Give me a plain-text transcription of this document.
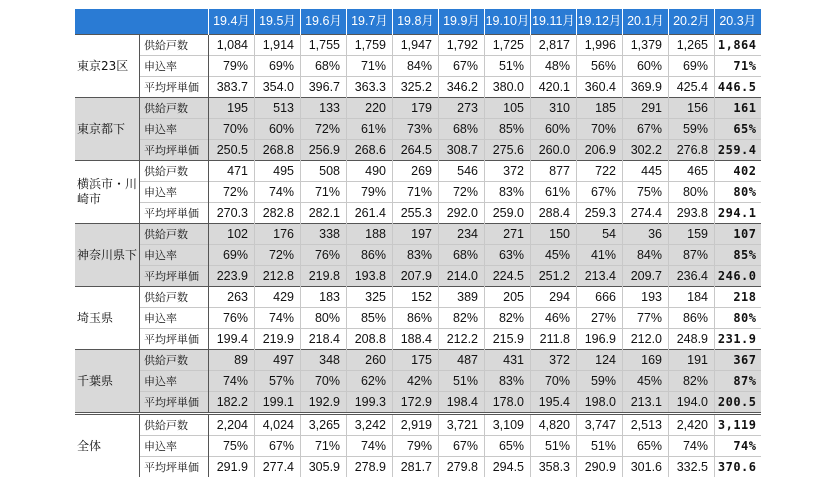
		19.4月	19.5月	19.6月	19.7月	19.8月	19.9月	19.10月	19.11月	19.12月	20.1月	20.2月	20.3月
東京23区	供給戸数	1,084	1,914	1,755	1,759	1,947	1,792	1,725	2,817	1,996	1,379	1,265	1,864
	申込率	79%	69%	68%	71%	84%	67%	51%	48%	56%	60%	69%	71%
	平均坪単価	383.7	354.0	396.7	363.3	325.2	346.2	380.0	420.1	360.4	369.9	425.4	446.5
東京都下	供給戸数	195	513	133	220	179	273	105	310	185	291	156	161
	申込率	70%	60%	72%	61%	73%	68%	85%	60%	70%	67%	59%	65%
	平均坪単価	250.5	268.8	256.9	268.6	264.5	308.7	275.6	260.0	206.9	302.2	276.8	259.4
横浜市・川崎市	供給戸数	471	495	508	490	269	546	372	877	722	445	465	402
	申込率	72%	74%	71%	79%	71%	72%	83%	61%	67%	75%	80%	80%
	平均坪単価	270.3	282.8	282.1	261.4	255.3	292.0	259.0	288.4	259.3	274.4	293.8	294.1
神奈川県下	供給戸数	102	176	338	188	197	234	271	150	54	36	159	107
	申込率	69%	72%	76%	86%	83%	68%	63%	45%	41%	84%	87%	85%
	平均坪単価	223.9	212.8	219.8	193.8	207.9	214.0	224.5	251.2	213.4	209.7	236.4	246.0
埼玉県	供給戸数	263	429	183	325	152	389	205	294	666	193	184	218
	申込率	76%	74%	80%	85%	86%	82%	82%	46%	27%	77%	86%	80%
	平均坪単価	199.4	219.9	218.4	208.8	188.4	212.2	215.9	211.8	196.9	212.0	248.9	231.9
千葉県	供給戸数	89	497	348	260	175	487	431	372	124	169	191	367
	申込率	74%	57%	70%	62%	42%	51%	83%	70%	59%	45%	82%	87%
	平均坪単価	182.2	199.1	192.9	199.3	172.9	198.4	178.0	195.4	198.0	213.1	194.0	200.5
全体	供給戸数	2,204	4,024	3,265	3,242	2,919	3,721	3,109	4,820	3,747	2,513	2,420	3,119
	申込率	75%	67%	71%	74%	79%	67%	65%	51%	51%	65%	74%	74%
	平均坪単価	291.9	277.4	305.9	278.9	281.7	279.8	294.5	358.3	290.9	301.6	332.5	370.6
